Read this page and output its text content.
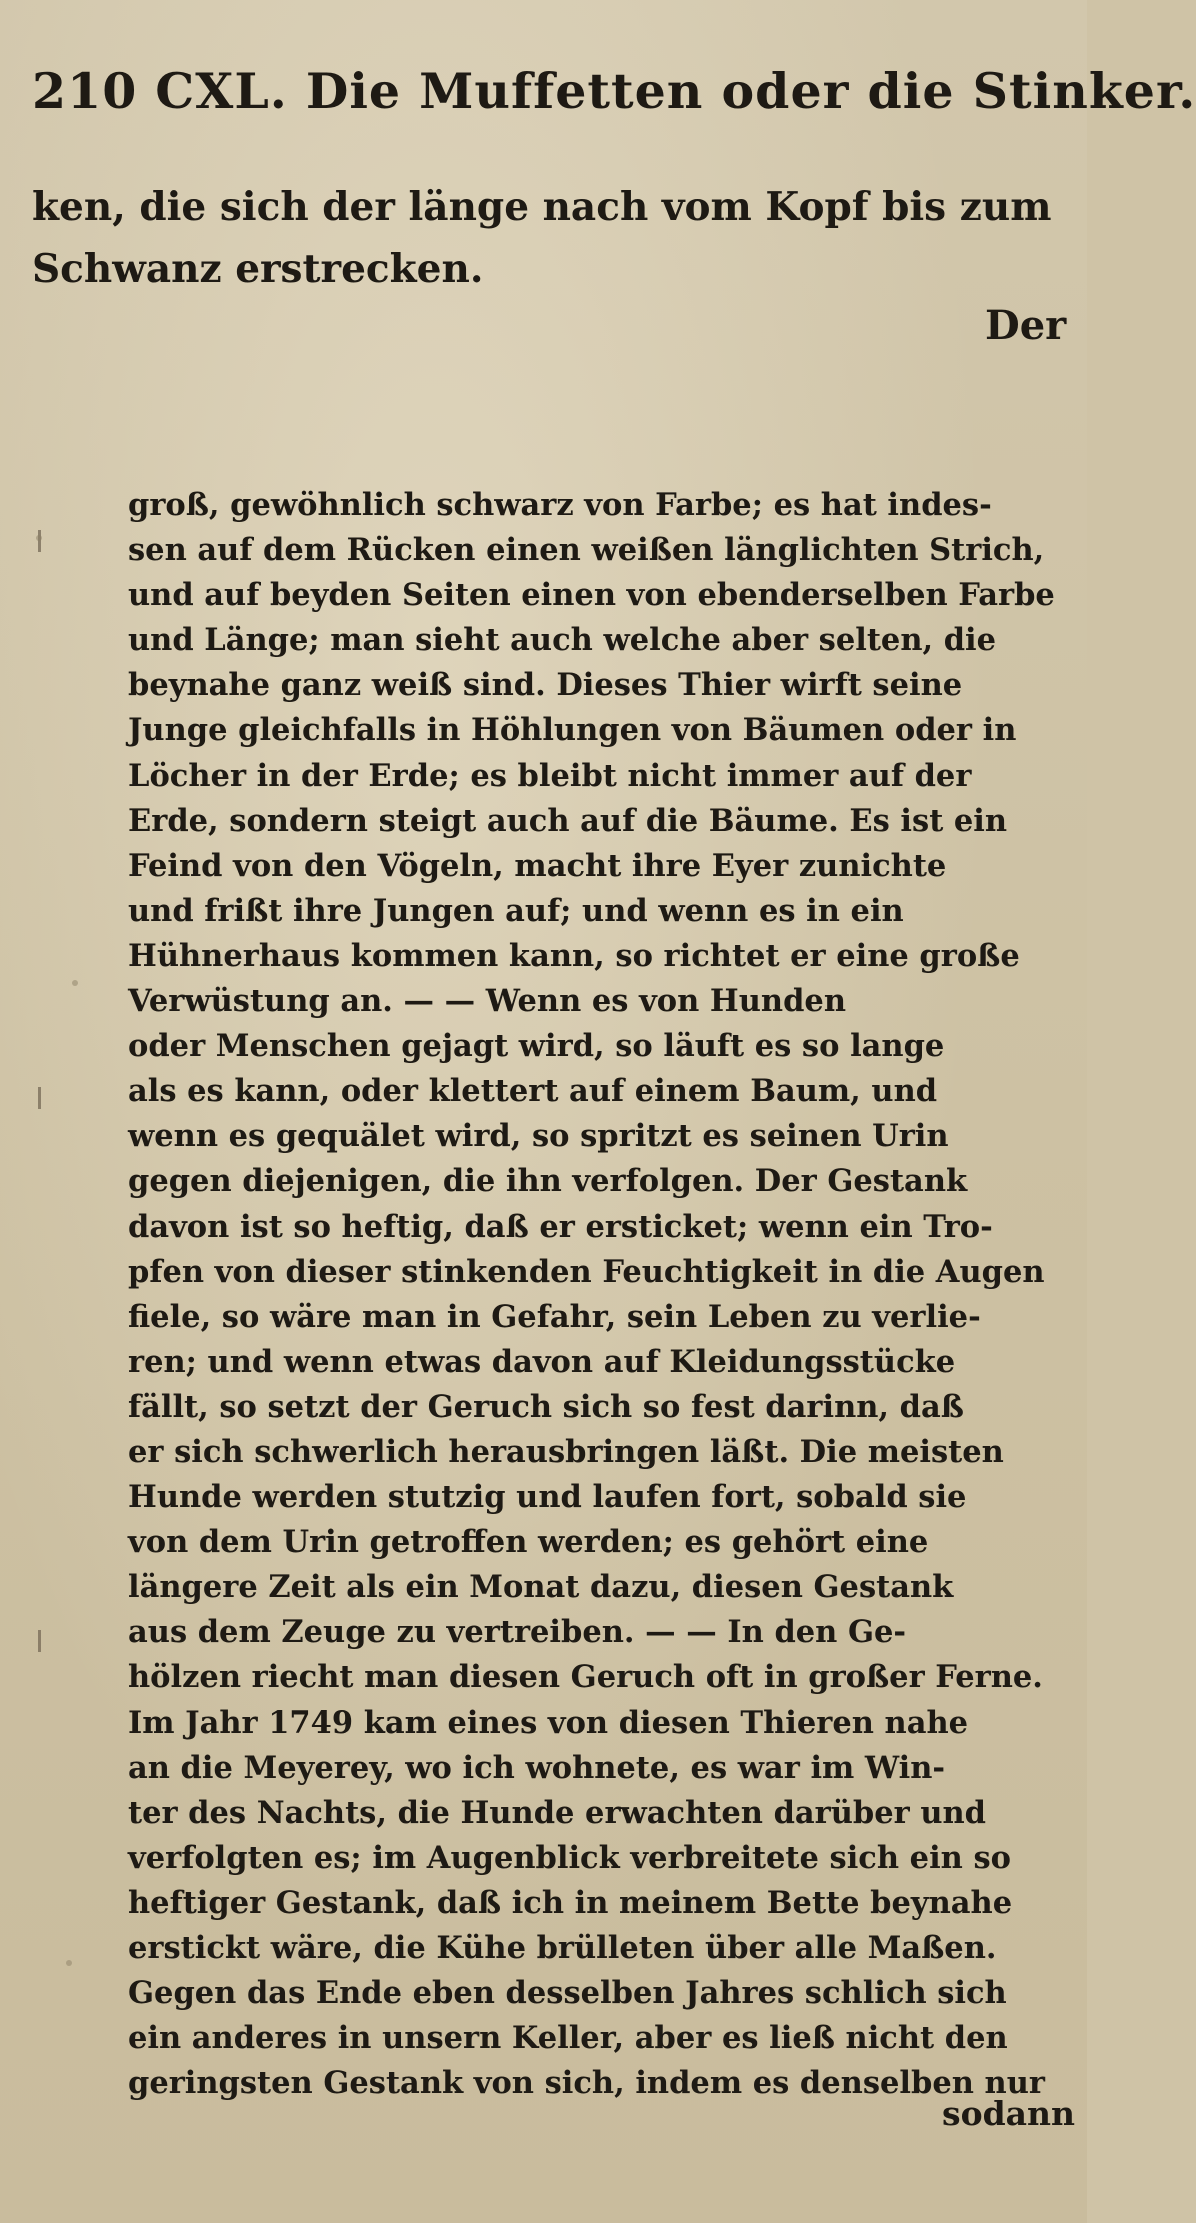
210 CXL. Die Muffetten oder die Stinker.
ken, die sich der länge nach vom Kopf bis zum
Schwanz erstrecken.
Der
groß, gewöhnlich schwarz von Farbe; es hat indes-
sen auf dem Rücken einen weißen länglichten Strich,
und auf beyden Seiten einen von ebenderselben Farbe
und Länge; man sieht auch welche aber selten, die
beynahe ganz weiß sind. Dieses Thier wirft seine
Junge gleichfalls in Höhlungen von Bäumen oder in
Löcher in der Erde; es bleibt nicht immer auf der
Erde, sondern steigt auch auf die Bäume. Es ist ein
Feind von den Vögeln, macht ihre Eyer zunichte
und frißt ihre Jungen auf; und wenn es in ein
Hühnerhaus kommen kann, so richtet er eine große
Verwüstung an. — — Wenn es von Hunden
oder Menschen gejagt wird, so läuft es so lange
als es kann, oder klettert auf einem Baum, und
wenn es gequälet wird, so spritzt es seinen Urin
gegen diejenigen, die ihn verfolgen. Der Gestank
davon ist so heftig, daß er ersticket; wenn ein Tro-
pfen von dieser stinkenden Feuchtigkeit in die Augen
fiele, so wäre man in Gefahr, sein Leben zu verlie-
ren; und wenn etwas davon auf Kleidungsstücke
fällt, so setzt der Geruch sich so fest darinn, daß
er sich schwerlich herausbringen läßt. Die meisten
Hunde werden stutzig und laufen fort, sobald sie
von dem Urin getroffen werden; es gehört eine
längere Zeit als ein Monat dazu, diesen Gestank
aus dem Zeuge zu vertreiben. — — In den Ge-
hölzen riecht man diesen Geruch oft in großer Ferne.
Im Jahr 1749 kam eines von diesen Thieren nahe
an die Meyerey, wo ich wohnete, es war im Win-
ter des Nachts, die Hunde erwachten darüber und
verfolgten es; im Augenblick verbreitete sich ein so
heftiger Gestank, daß ich in meinem Bette beynahe
erstickt wäre, die Kühe brülleten über alle Maßen.
Gegen das Ende eben desselben Jahres schlich sich
ein anderes in unsern Keller, aber es ließ nicht den
geringsten Gestank von sich, indem es denselben nur
sodann
